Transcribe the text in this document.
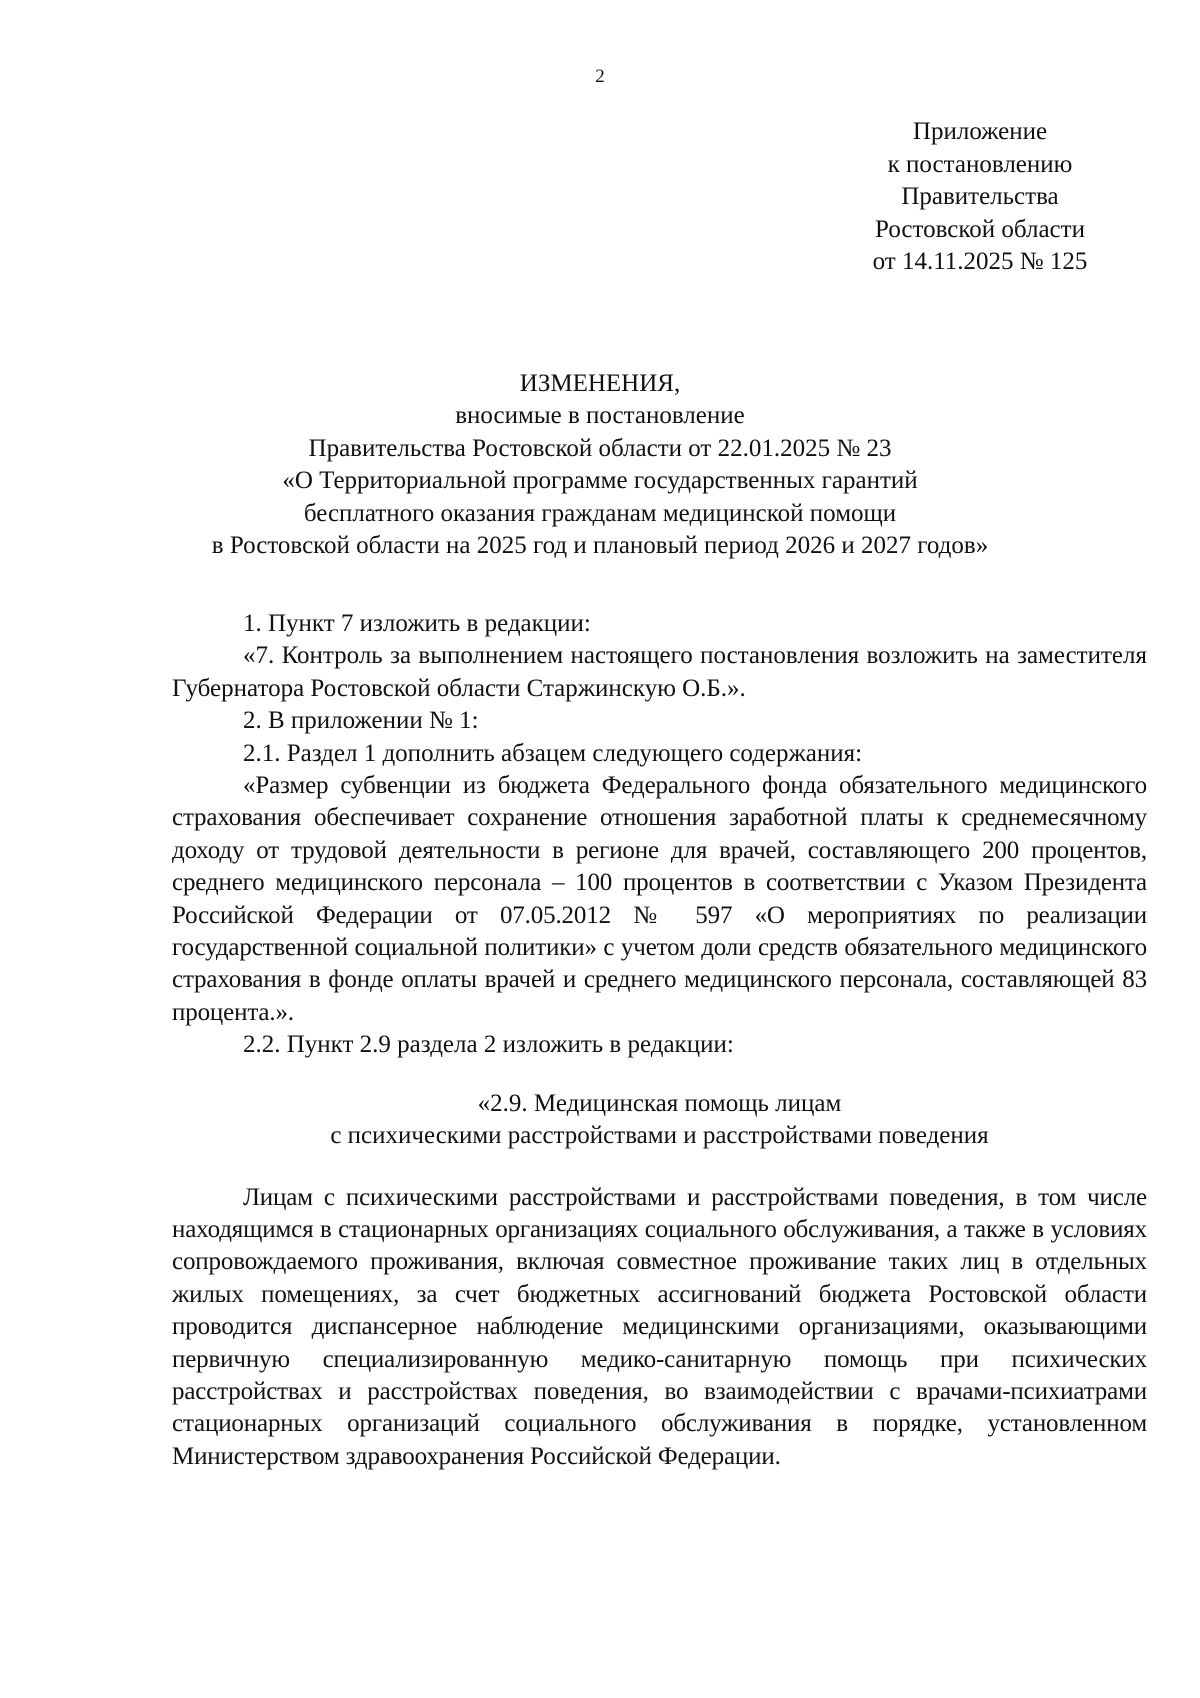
2
Приложение
к постановлению
Правительства
Ростовской области
от 14.11.2025 № 125
ИЗМЕНЕНИЯ,
вносимые в постановление
Правительства Ростовской области от 22.01.2025 № 23
«О Территориальной программе государственных гарантий
бесплатного оказания гражданам медицинской помощи
в Ростовской области на 2025 год и плановый период 2026 и 2027 годов»

1. Пункт 7 изложить в редакции:

«7. Контроль за выполнением настоящего постановления возложить на заместителя Губернатора Ростовской области Старжинскую О.Б.».

2. В приложении № 1:

2.1. Раздел 1 дополнить абзацем следующего содержания:

«Размер субвенции из бюджета Федерального фонда обязательного медицинского страхования обеспечивает сохранение отношения заработной платы к среднемесячному доходу от трудовой деятельности в регионе для врачей, составляющего 200 процентов, среднего медицинского персонала – 100 процентов в соответствии с Указом Президента Российской Федерации от 07.05.2012 № 597 «О мероприятиях по реализации государственной социальной политики» с учетом доли средств обязательного медицинского страхования в фонде оплаты врачей и среднего медицинского персонала, составляющей 83 процента.».

2.2. Пункт 2.9 раздела 2 изложить в редакции:

«2.9. Медицинская помощь лицам
с психическими расстройствами и расстройствами поведения

Лицам с психическими расстройствами и расстройствами поведения, в том числе находящимся в стационарных организациях социального обслуживания, а также в условиях сопровождаемого проживания, включая совместное проживание таких лиц в отдельных жилых помещениях, за счет бюджетных ассигнований бюджета Ростовской области проводится диспансерное наблюдение медицинскими организациями, оказывающими первичную специализированную медико-санитарную помощь при психических расстройствах и расстройствах поведения, во взаимодействии с врачами-психиатрами стационарных организаций социального обслуживания в порядке, установленном Министерством здравоохранения Российской Федерации.
